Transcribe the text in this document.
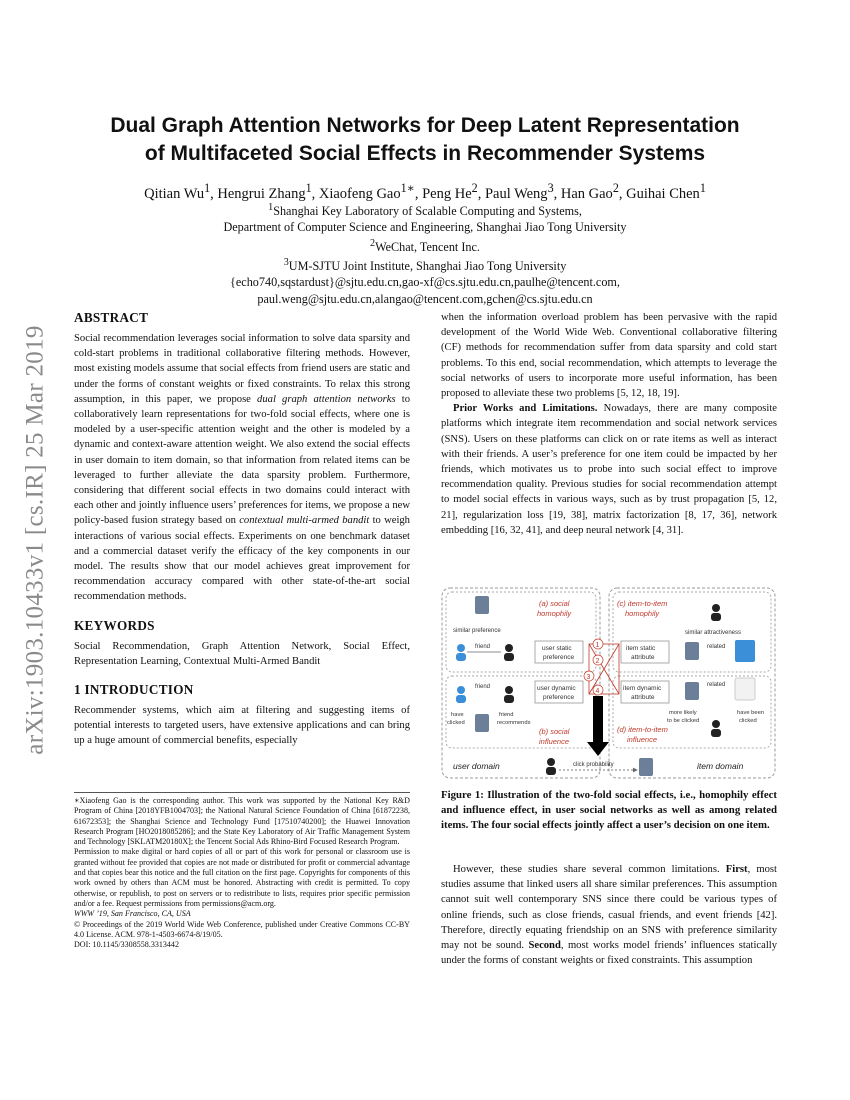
arXiv:1903.10433v1 [cs.IR] 25 Mar 2019
Dual Graph Attention Networks for Deep Latent Representation
of Multifaceted Social Effects in Recommender Systems
Qitian Wu$^1$, Hengrui Zhang$^1$, Xiaofeng Gao$^{1∗}$, Peng He$^2$, Paul Weng$^3$, Han Gao$^2$, Guihai Chen$^1$
$^1$Shanghai Key Laboratory of Scalable Computing and Systems,
Department of Computer Science and Engineering, Shanghai Jiao Tong University
$^2$WeChat, Tencent Inc.
$^3$UM-SJTU Joint Institute, Shanghai Jiao Tong University
{echo740,sqstardust}@sjtu.edu.cn,gao-xf@cs.sjtu.edu.cn,paulhe@tencent.com,
paul.weng@sjtu.edu.cn,alangao@tencent.com,gchen@cs.sjtu.edu.cn
ABSTRACT

Social recommendation leverages social information to solve data sparsity and cold-start problems in traditional collaborative filtering methods. However, most existing models assume that social effects from friend users are static and under the forms of constant weights or fixed constraints. To relax this strong assumption, in this paper, we propose dual graph attention networks to collaboratively learn representations for two-fold social effects, where one is modeled by a user-specific attention weight and the other is modeled by a dynamic and context-aware attention weight. We also extend the social effects in user domain to item domain, so that information from related items can be leveraged to further alleviate the data sparsity problem. Furthermore, considering that different social effects in two domains could interact with each other and jointly influence users’ preferences for items, we propose a new policy-based fusion strategy based on contextual multi-armed bandit to weigh interactions of various social effects. Experiments on one benchmark dataset and a commercial dataset verify the efficacy of the key components in our model. The results show that our model achieves great improvement for recommendation accuracy compared with other state-of-the-art social recommendation methods.

KEYWORDS

Social Recommendation, Graph Attention Network, Social Effect, Representation Learning, Contextual Multi-Armed Bandit

1 INTRODUCTION

Recommender systems, which aim at filtering and suggesting items of potential interests to targeted users, have extensive applications and can bring up a huge amount of commercial benefits, especially

∗Xiaofeng Gao is the corresponding author. This work was supported by the National Key R&D Program of China [2018YFB1004703]; the National Natural Science Foundation of China [61872238, 61672353]; the Shanghai Science and Technology Fund [17510740200]; the Huawei Innovation Research Program [HO2018085286]; and the State Key Laboratory of Air Traffic Management System and Technology [SKLATM20180X]; the Tencent Social Ads Rhino-Bird Focused Research Program.

Permission to make digital or hard copies of all or part of this work for personal or classroom use is granted without fee provided that copies are not made or distributed for profit or commercial advantage and that copies bear this notice and the full citation on the first page. Copyrights for components of this work owned by others than ACM must be honored. Abstracting with credit is permitted. To copy otherwise, or republish, to post on servers or to redistribute to lists, requires prior specific permission and/or a fee. Request permissions from permissions@acm.org.

WWW ’19, San Francisco, CA, USA

© Proceedings of the 2019 World Wide Web Conference, published under Creative Commons CC-BY 4.0 License. ACM. 978-1-4503-6674-8/19/05.

DOI: 10.1145/3308558.3313442

when the information overload problem has been pervasive with the rapid development of the World Wide Web. Conventional collaborative filtering (CF) methods for recommendation suffer from data sparsity and cold start problems. To this end, social recommendation, which attempts to leverage the social networks of users to incorporate more useful information, has been proposed to alleviate these two problems [5, 12, 18, 19].

Prior Works and Limitations. Nowadays, there are many composite platforms which integrate item recommendation and social network services (SNS). Users on these platforms can click on or rate items as well as interact with their friends. A user’s preference for one item could be impacted by her friends, which motivates us to probe into such social effect to improve recommendation quality. Previous studies for social recommendation attempt to model social effects in various ways, such as by trust propagation [5, 12, 21], regularization loss [19, 38], matrix factorization [8, 17, 36], network embedding [16, 32, 41], and deep neural network [4, 31].

(a) social
homophily
(b) social
influence
(c) item-to-item
homophily
(d) item-to-item
influence
similar preference
friend	user static
preference
friend	user dynamic
preference
have
clicked
friend
recommends
similar attractiveness
item static
attribute
related
item dynamic
attribute
related
more likely
to be clicked
have been
clicked
1
2
3
4
user domain	item domain
click probability
Figure 1: Illustration of the two-fold social effects, i.e., homophily effect and influence effect, in user social networks as well as among related items. The four social effects jointly affect a user’s decision on one item.

However, these studies share several common limitations. First, most studies assume that linked users all share similar preferences. This assumption cannot suit well contemporary SNS since there could be various types of online friends, such as close friends, casual friends, and event friends [42]. Therefore, directly equating friendship on an SNS with preference similarity may not be sound. Second, most works model friends’ influences statically under the forms of constant weights or fixed constraints. This assumption
